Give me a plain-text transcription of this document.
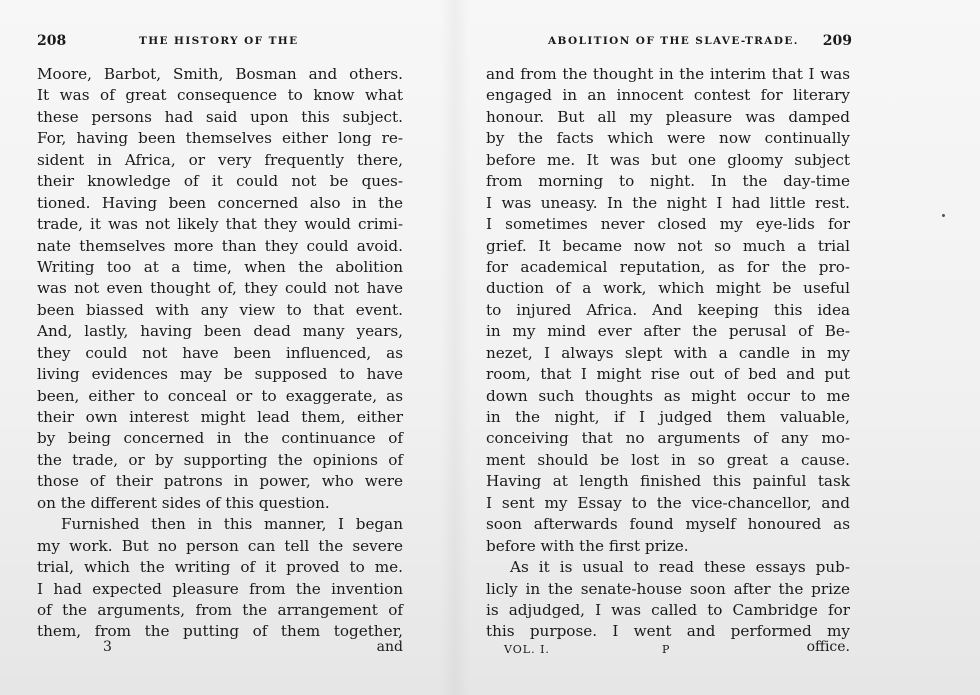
208	THE HISTORY OF THE
Moore, Barbot, Smith, Bosman and others.
It was of great consequence to know what
these persons had said upon this subject.
For, having been themselves either long re-
sident in Africa, or very frequently there,
their knowledge of it could not be ques-
tioned. Having been concerned also in the
trade, it was not likely that they would crimi-
nate themselves more than they could avoid.
Writing too at a time, when the abolition
was not even thought of, they could not have
been biassed with any view to that event.
And, lastly, having been dead many years,
they could not have been influenced, as
living evidences may be supposed to have
been, either to conceal or to exaggerate, as
their own interest might lead them, either
by being concerned in the continuance of
the trade, or by supporting the opinions of
those of their patrons in power, who were
on the different sides of this question.
Furnished then in this manner, I began
my work. But no person can tell the severe
trial, which the writing of it proved to me.
I had expected pleasure from the invention
of the arguments, from the arrangement of
them, from the putting of them together,
3	and
ABOLITION OF THE SLAVE-TRADE. 209
and from the thought in the interim that I was
engaged in an innocent contest for literary
honour. But all my pleasure was damped
by the facts which were now continually
before me. It was but one gloomy subject
from morning to night. In the day-time
I was uneasy. In the night I had little rest.
I sometimes never closed my eye-lids for
grief. It became now not so much a trial
for academical reputation, as for the pro-
duction of a work, which might be useful
to injured Africa. And keeping this idea
in my mind ever after the perusal of Be-
nezet, I always slept with a candle in my
room, that I might rise out of bed and put
down such thoughts as might occur to me
in the night, if I judged them valuable,
conceiving that no arguments of any mo-
ment should be lost in so great a cause.
Having at length finished this painful task
I sent my Essay to the vice-chancellor, and
soon afterwards found myself honoured as
before with the first prize.
As it is usual to read these essays pub-
licly in the senate-house soon after the prize
is adjudged, I was called to Cambridge for
this purpose. I went and performed my
VOL. I.	P	office.
